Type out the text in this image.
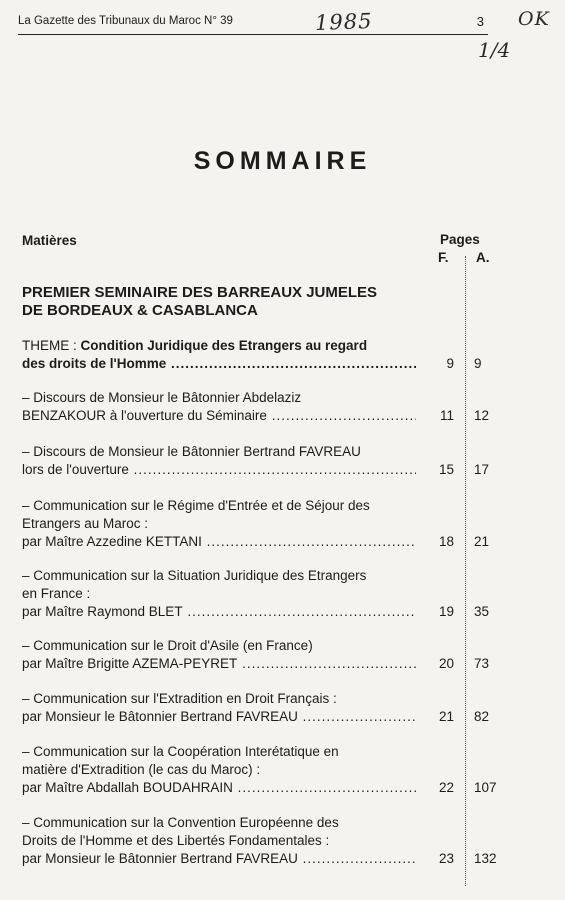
La Gazette des Tribunaux du Maroc N° 39	3
1985	OK
1/4
SOMMAIRE
Matières	Pages
F. A.
PREMIER SEMINAIRE DES BARREAUX JUMELES
DE BORDEAUX & CASABLANCA
THEME : Condition Juridique des Etrangers au regard
des droits de l'Homme .....	9 9
– Discours de Monsieur le Bâtonnier Abdelaziz
BENZAKOUR à l'ouverture du Séminaire .....	11 12
– Discours de Monsieur le Bâtonnier Bertrand FAVREAU
lors de l'ouverture .....	15 17
– Communication sur le Régime d'Entrée et de Séjour des
Etrangers au Maroc :
par Maître Azzedine KETTANI .....	18 21
– Communication sur la Situation Juridique des Etrangers
en France :
par Maître Raymond BLET .....	19 35
– Communication sur le Droit d'Asile (en France)
par Maître Brigitte AZEMA-PEYRET .....	20 73
– Communication sur l'Extradition en Droit Français :
par Monsieur le Bâtonnier Bertrand FAVREAU .....	21 82
– Communication sur la Coopération Interétatique en
matière d'Extradition (le cas du Maroc) :
par Maître Abdallah BOUDAHRAIN .....	22 107
– Communication sur la Convention Européenne des
Droits de l'Homme et des Libertés Fondamentales :
par Monsieur le Bâtonnier Bertrand FAVREAU .....	23 132
